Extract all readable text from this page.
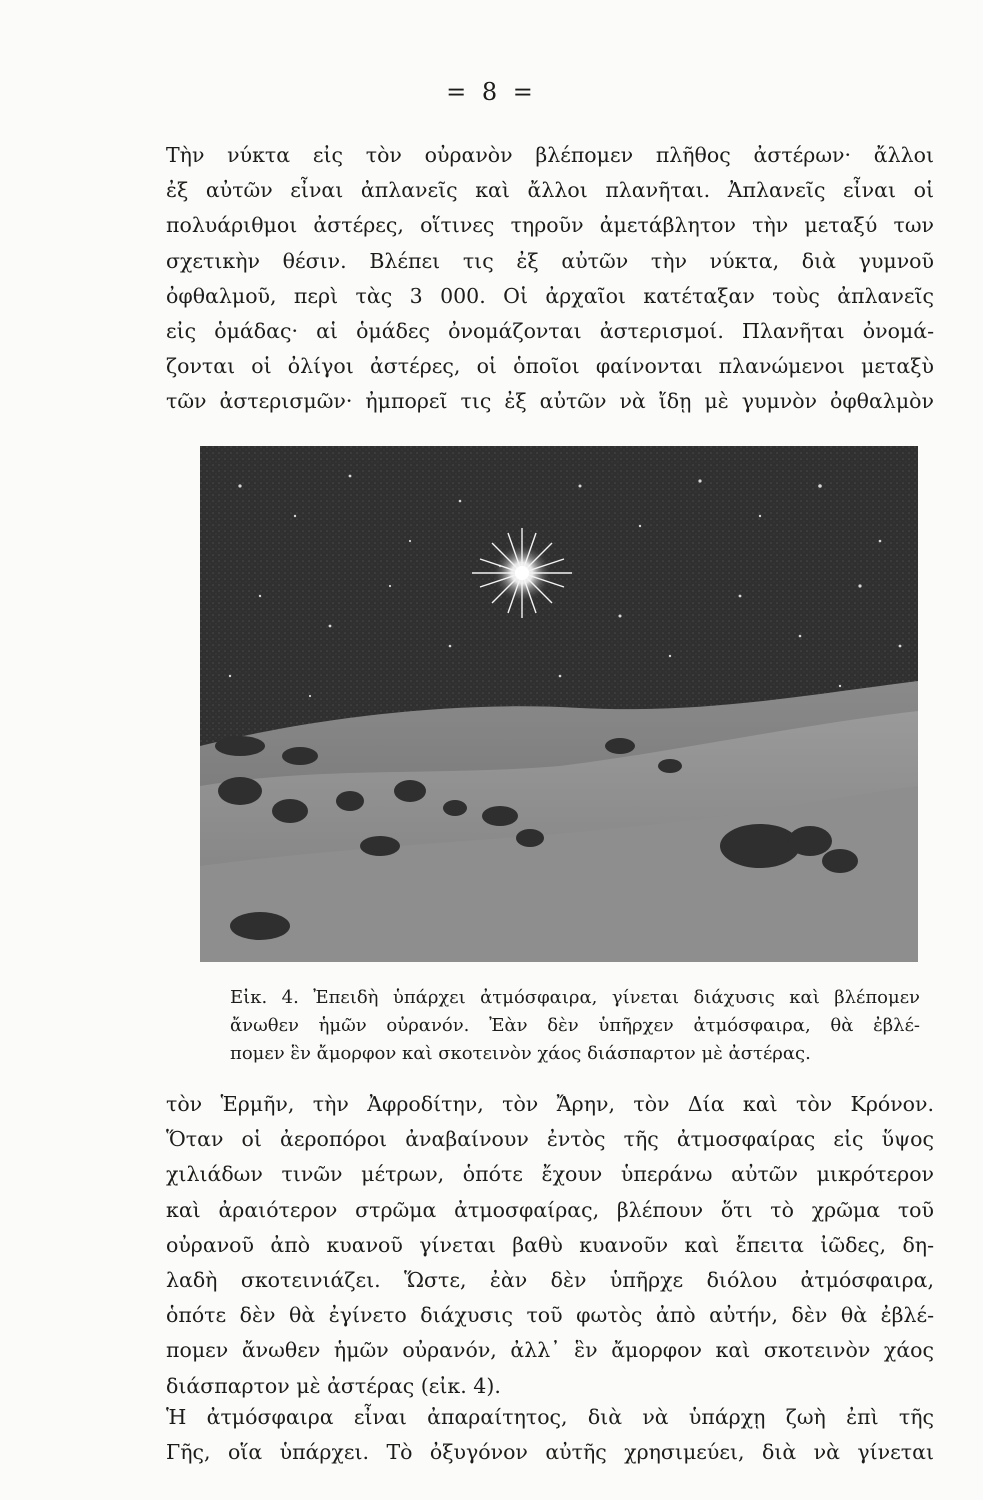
= 8 =
Τὴν νύκτα εἰς τὸν οὐρανὸν βλέπομεν πλῆθος ἀστέρων· ἄλλοι
ἐξ αὐτῶν εἶναι ἀπλανεῖς καὶ ἄλλοι πλανῆται. Ἀπλανεῖς εἶναι οἱ
πολυάριθμοι ἀστέρες, οἵτινες τηροῦν ἀμετάβλητον τὴν μεταξύ των
σχετικὴν θέσιν. Βλέπει τις ἐξ αὐτῶν τὴν νύκτα, διὰ γυμνοῦ
ὀφθαλμοῦ, περὶ τὰς 3 000. Οἱ ἀρχαῖοι κατέταξαν τοὺς ἀπλανεῖς
εἰς ὁμάδας· αἱ ὁμάδες ὀνομάζονται ἀστερισμοί. Πλανῆται ὀνομά-
ζονται οἱ ὀλίγοι ἀστέρες, οἱ ὁποῖοι φαίνονται πλανώμενοι μεταξὺ
τῶν ἀστερισμῶν· ἠμπορεῖ τις ἐξ αὐτῶν νὰ ἴδῃ μὲ γυμνὸν ὀφθαλμὸν
Εἰκ. 4. Ἐπειδὴ ὑπάρχει ἀτμόσφαιρα, γίνεται διάχυσις καὶ βλέπομεν
ἄνωθεν ἡμῶν οὐρανόν. Ἐὰν δὲν ὑπῆρχεν ἀτμόσφαιρα, θὰ ἐβλέ-
πομεν ἓν ἄμορφον καὶ σκοτεινὸν χάος διάσπαρτον μὲ ἀστέρας.
τὸν Ἑρμῆν, τὴν Ἀφροδίτην, τὸν Ἄρην, τὸν Δία καὶ τὸν Κρόνον.
Ὅταν οἱ ἀεροπόροι ἀναβαίνουν ἐντὸς τῆς ἀτμοσφαίρας εἰς ὕψος
χιλιάδων τινῶν μέτρων, ὁπότε ἔχουν ὑπεράνω αὐτῶν μικρότερον
καὶ ἀραιότερον στρῶμα ἀτμοσφαίρας, βλέπουν ὅτι τὸ χρῶμα τοῦ
οὐρανοῦ ἀπὸ κυανοῦ γίνεται βαθὺ κυανοῦν καὶ ἔπειτα ἰῶδες, δη-
λαδὴ σκοτεινιάζει. Ὥστε, ἐὰν δὲν ὑπῆρχε διόλου ἀτμόσφαιρα,
ὁπότε δὲν θὰ ἐγίνετο διάχυσις τοῦ φωτὸς ἀπὸ αὐτήν, δὲν θὰ ἐβλέ-
πομεν ἄνωθεν ἡμῶν οὐρανόν, ἀλλ᾽ ἓν ἄμορφον καὶ σκοτεινὸν χάος
διάσπαρτον μὲ ἀστέρας (εἰκ. 4).
Ἡ ἀτμόσφαιρα εἶναι ἀπαραίτητος, διὰ νὰ ὑπάρχῃ ζωὴ ἐπὶ τῆς
Γῆς, οἵα ὑπάρχει. Τὸ ὀξυγόνον αὐτῆς χρησιμεύει, διὰ νὰ γίνεται
